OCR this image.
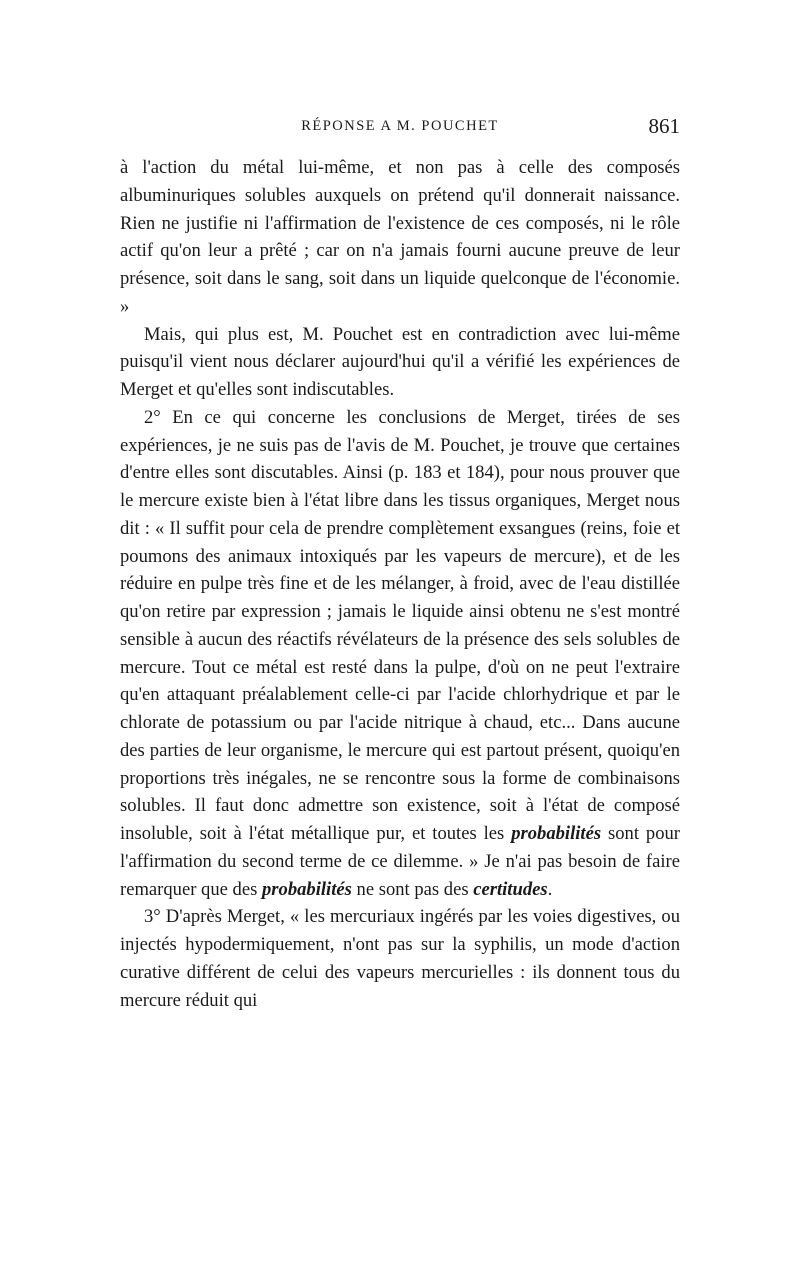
RÉPONSE A M. POUCHET	861

à l'action du métal lui-même, et non pas à celle des composés albuminuriques solubles auxquels on prétend qu'il donnerait naissance. Rien ne justifie ni l'affirmation de l'existence de ces composés, ni le rôle actif qu'on leur a prêté ; car on n'a jamais fourni aucune preuve de leur présence, soit dans le sang, soit dans un liquide quelconque de l'économie. »

Mais, qui plus est, M. Pouchet est en contradiction avec lui-même puisqu'il vient nous déclarer aujourd'hui qu'il a vérifié les expériences de Merget et qu'elles sont indiscutables.

2° En ce qui concerne les conclusions de Merget, tirées de ses expériences, je ne suis pas de l'avis de M. Pouchet, je trouve que certaines d'entre elles sont discutables. Ainsi (p. 183 et 184), pour nous prouver que le mercure existe bien à l'état libre dans les tissus organiques, Merget nous dit : « Il suffit pour cela de prendre complètement exsangues (reins, foie et poumons des animaux intoxiqués par les vapeurs de mercure), et de les réduire en pulpe très fine et de les mélanger, à froid, avec de l'eau distillée qu'on retire par expression ; jamais le liquide ainsi obtenu ne s'est montré sensible à aucun des réactifs révélateurs de la présence des sels solubles de mercure. Tout ce métal est resté dans la pulpe, d'où on ne peut l'extraire qu'en attaquant préalablement celle-ci par l'acide chlorhydrique et par le chlorate de potassium ou par l'acide nitrique à chaud, etc... Dans aucune des parties de leur organisme, le mercure qui est partout présent, quoiqu'en proportions très inégales, ne se rencontre sous la forme de combinaisons solubles. Il faut donc admettre son existence, soit à l'état de composé insoluble, soit à l'état métallique pur, et toutes les probabilités sont pour l'affirmation du second terme de ce dilemme. » Je n'ai pas besoin de faire remarquer que des probabilités ne sont pas des certitudes.

3° D'après Merget, « les mercuriaux ingérés par les voies digestives, ou injectés hypodermiquement, n'ont pas sur la syphilis, un mode d'action curative différent de celui des vapeurs mercurielles : ils donnent tous du mercure réduit qui
